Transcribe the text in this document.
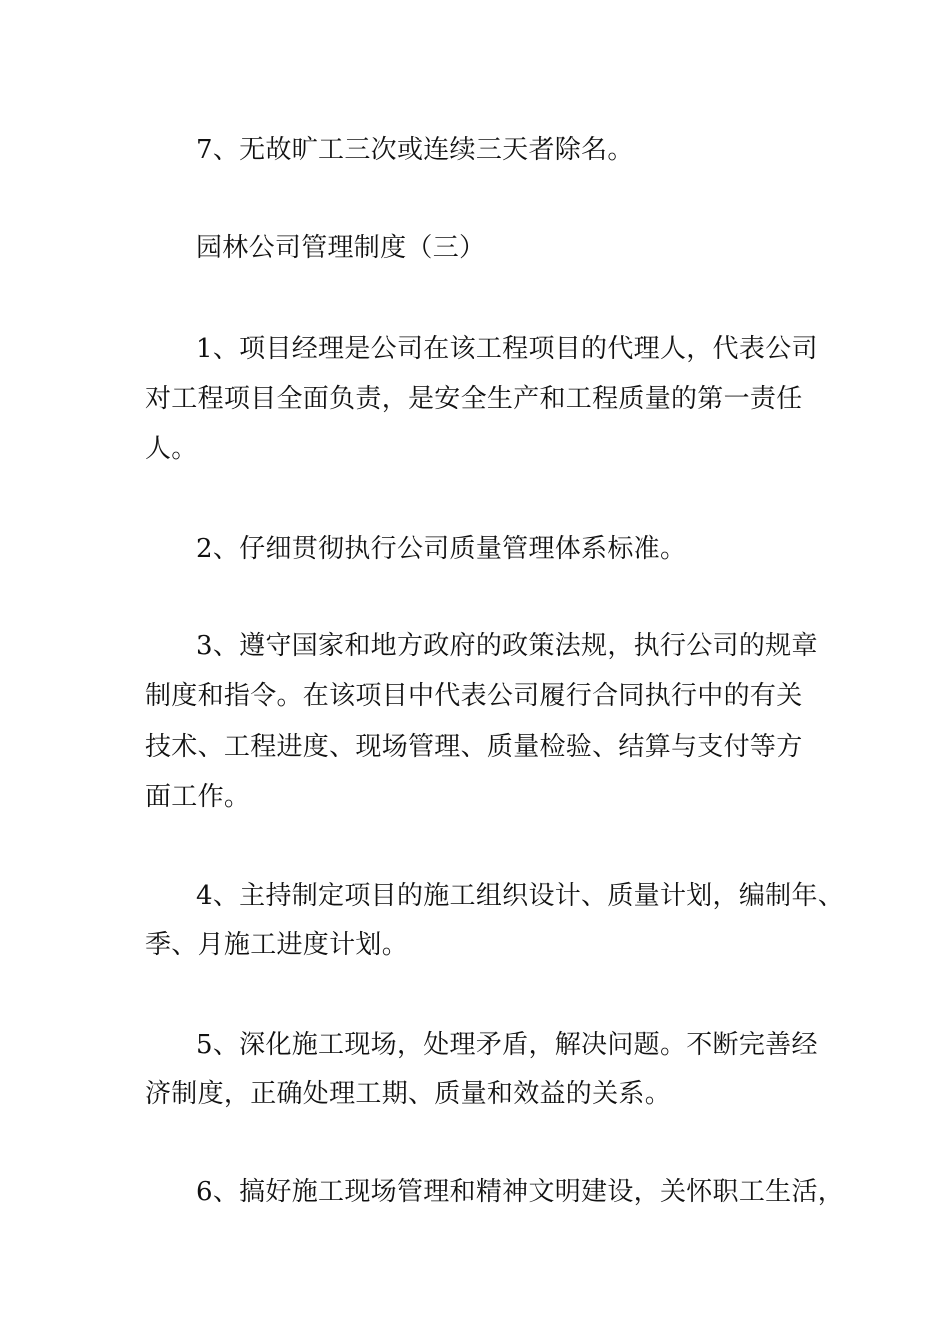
7、无故旷工三次或连续三天者除名。
园林公司管理制度（三）
1、项目经理是公司在该工程项目的代理人，代表公司
对工程项目全面负责，是安全生产和工程质量的第一责任
人。
2、仔细贯彻执行公司质量管理体系标准。
3、遵守国家和地方政府的政策法规，执行公司的规章
制度和指令。在该项目中代表公司履行合同执行中的有关
技术、工程进度、现场管理、质量检验、结算与支付等方
面工作。
4、主持制定项目的施工组织设计、质量计划，编制年、
季、月施工进度计划。
5、深化施工现场，处理矛盾，解决问题。不断完善经
济制度，正确处理工期、质量和效益的关系。
6、搞好施工现场管理和精神文明建设，关怀职工生活，
